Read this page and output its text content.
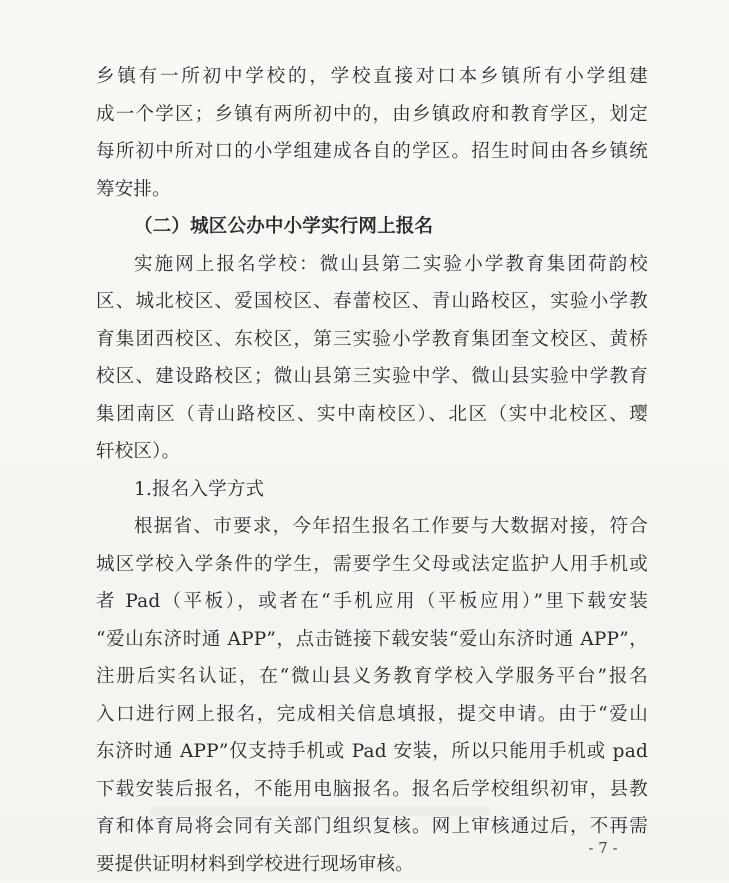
乡镇有一所初中学校的，学校直接对口本乡镇所有小学组建
成一个学区；乡镇有两所初中的，由乡镇政府和教育学区，划定
每所初中所对口的小学组建成各自的学区。招生时间由各乡镇统
筹安排。
（二）城区公办中小学实行网上报名
实施网上报名学校：微山县第二实验小学教育集团荷韵校
区、城北校区、爱国校区、春蕾校区、青山路校区，实验小学教
育集团西校区、东校区，第三实验小学教育集团奎文校区、黄桥
校区、建设路校区；微山县第三实验中学、微山县实验中学教育
集团南区（青山路校区、实中南校区）、北区（实中北校区、璎
轩校区）。
1.报名入学方式
根据省、市要求，今年招生报名工作要与大数据对接，符合
城区学校入学条件的学生，需要学生父母或法定监护人用手机或
者 Pad（平板），或者在“手机应用（平板应用）”里下载安装
“爱山东济时通 APP”，点击链接下载安装“爱山东济时通 APP”，
注册后实名认证，在“微山县义务教育学校入学服务平台”报名
入口进行网上报名，完成相关信息填报，提交申请。由于“爱山
东济时通 APP”仅支持手机或 Pad 安装，所以只能用手机或 pad
下载安装后报名，不能用电脑报名。报名后学校组织初审，县教
育和体育局将会同有关部门组织复核。网上审核通过后，不再需
要提供证明材料到学校进行现场审核。
- 7 -
